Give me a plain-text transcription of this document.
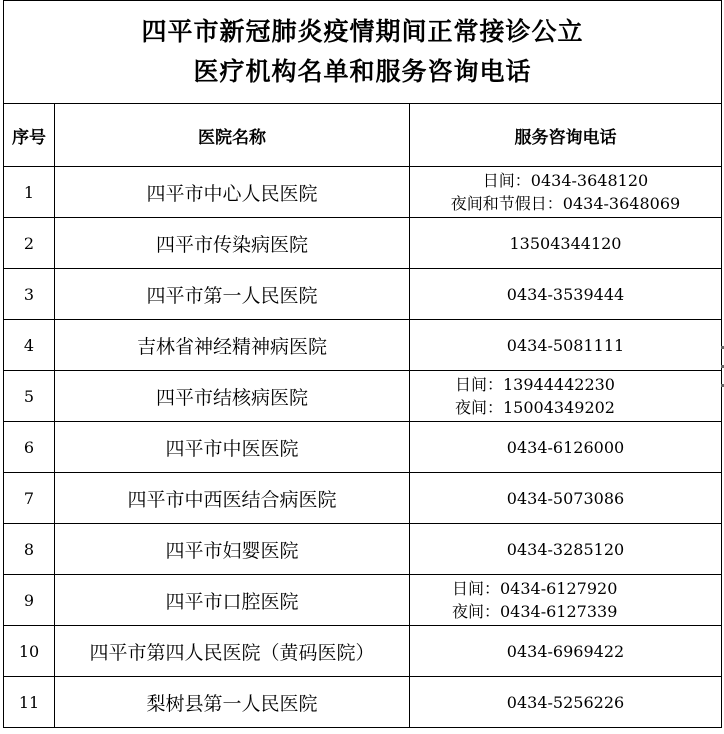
四平市新冠肺炎疫情期间正常接诊公立
医疗机构名单和服务咨询电话		

序号	医院名称	服务咨询电话
1	四平市中心人民医院	日间：0434-3648120
夜间和节假日：0434-3648069

2	四平市传染病医院	13504344120

3	四平市第一人民医院	0434-3539444

4	吉林省神经精神病医院	0434-5081111

5	四平市结核病医院	日间：13944442230
夜间：15004349202

6	四平市中医医院	0434-6126000

7	四平市中西医结合病医院	0434-5073086

8	四平市妇婴医院	0434-3285120

9	四平市口腔医院	日间：0434-6127920
夜间：0434-6127339

10	四平市第四人民医院（黄码医院）	0434-6969422

11	梨树县第一人民医院	0434-5256226
